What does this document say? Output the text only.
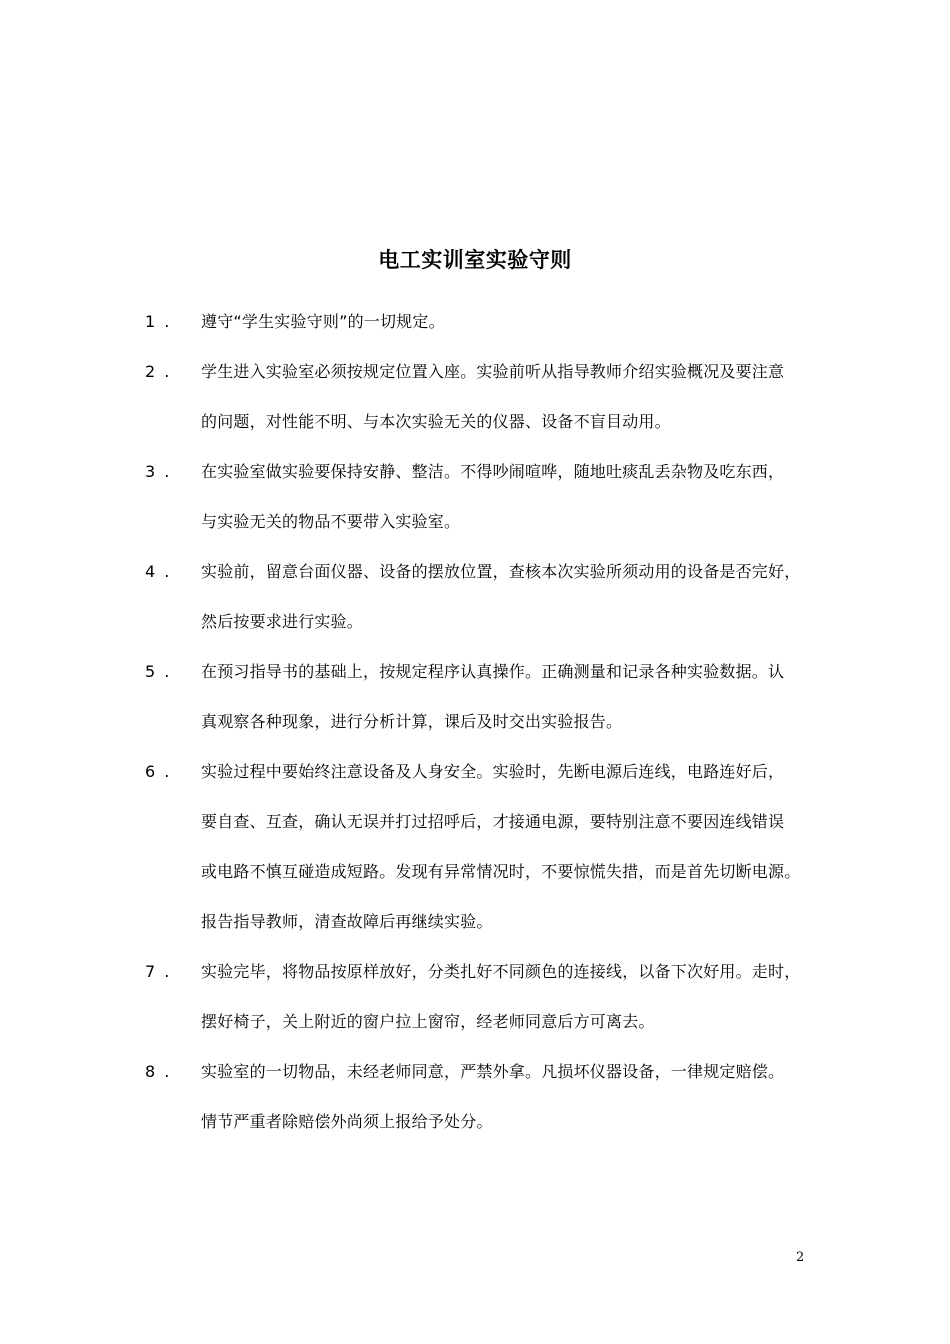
电工实训室实验守则
1 .	遵守“学生实验守则”的一切规定。
2 .	学生进入实验室必须按规定位置入座。实验前听从指导教师介绍实验概况及要注意
的问题，对性能不明、与本次实验无关的仪器、设备不盲目动用。
3 .	在实验室做实验要保持安静、整洁。不得吵闹喧哗，随地吐痰乱丢杂物及吃东西，
与实验无关的物品不要带入实验室。
4 .	实验前，留意台面仪器、设备的摆放位置，查核本次实验所须动用的设备是否完好，
然后按要求进行实验。
5 .	在预习指导书的基础上，按规定程序认真操作。正确测量和记录各种实验数据。认
真观察各种现象，进行分析计算，课后及时交出实验报告。
6 .	实验过程中要始终注意设备及人身安全。实验时，先断电源后连线，电路连好后，
要自查、互查，确认无误并打过招呼后，才接通电源，要特别注意不要因连线错误
或电路不慎互碰造成短路。发现有异常情况时，不要惊慌失措，而是首先切断电源。
报告指导教师，清查故障后再继续实验。
7 .	实验完毕，将物品按原样放好，分类扎好不同颜色的连接线，以备下次好用。走时，
摆好椅子，关上附近的窗户拉上窗帘，经老师同意后方可离去。
8 .	实验室的一切物品，未经老师同意，严禁外拿。凡损坏仪器设备，一律规定赔偿。
情节严重者除赔偿外尚须上报给予处分。
2
